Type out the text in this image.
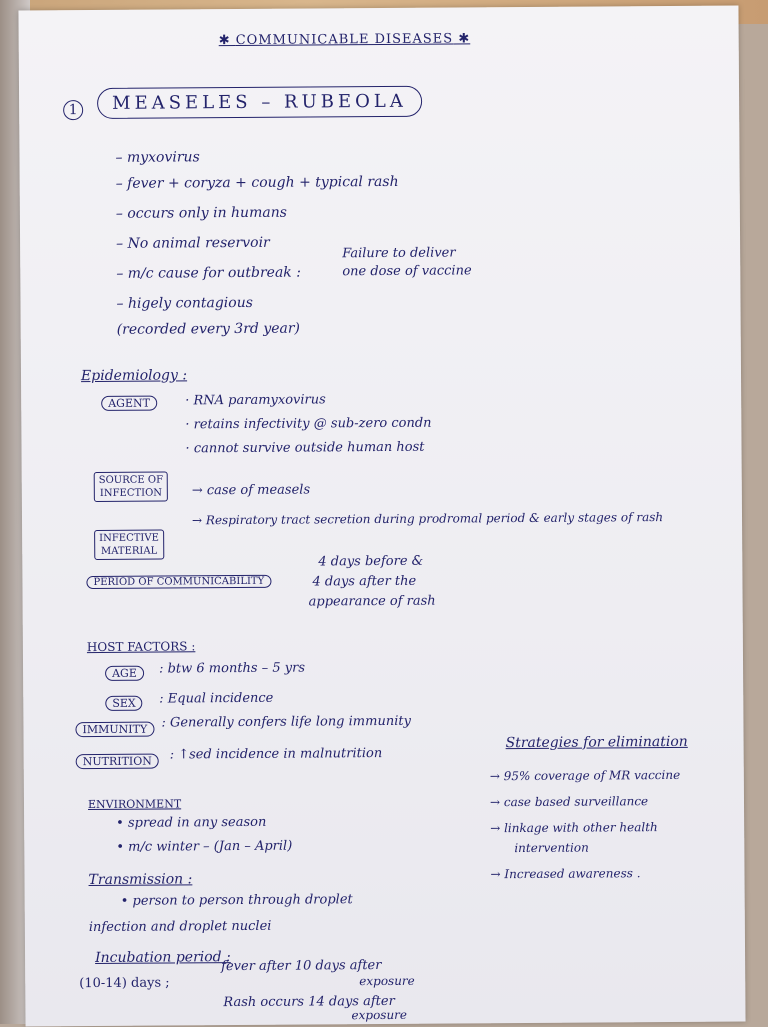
✱ COMMUNICABLE DISEASES ✱
1	MEASELES – RUBEOLA
– myxovirus
– fever + coryza + cough + typical rash
– occurs only in humans
– No animal reservoir
– m/c cause for outbreak :
Failure to deliver
one dose of vaccine
– higely contagious
(recorded every 3rd year)
Epidemiology :
AGENT	· RNA paramyxovirus
· retains infectivity @ sub-zero condn
· cannot survive outside human host
SOURCE OF
INFECTION	→ case of measels
INFECTIVE
MATERIAL
→ Respiratory tract secretion during prodromal period & early stages of rash
PERIOD OF COMMUNICABILITY
4 days before &
4 days after the
appearance of rash
HOST FACTORS :
AGE	: btw 6 months – 5 yrs
SEX	: Equal incidence
IMMUNITY	: Generally confers life long immunity
NUTRITION	: ↑sed incidence in malnutrition
ENVIRONMENT
• spread in any season
• m/c winter – (Jan – April)
Transmission :
• person to person through droplet
infection and droplet nuclei
Incubation period :
(10-14) days ;
fever after 10 days after
exposure
Rash occurs 14 days after
exposure
Strategies for elimination
→ 95% coverage of MR vaccine
→ case based surveillance
→ linkage with other health
intervention
→ Increased awareness .
